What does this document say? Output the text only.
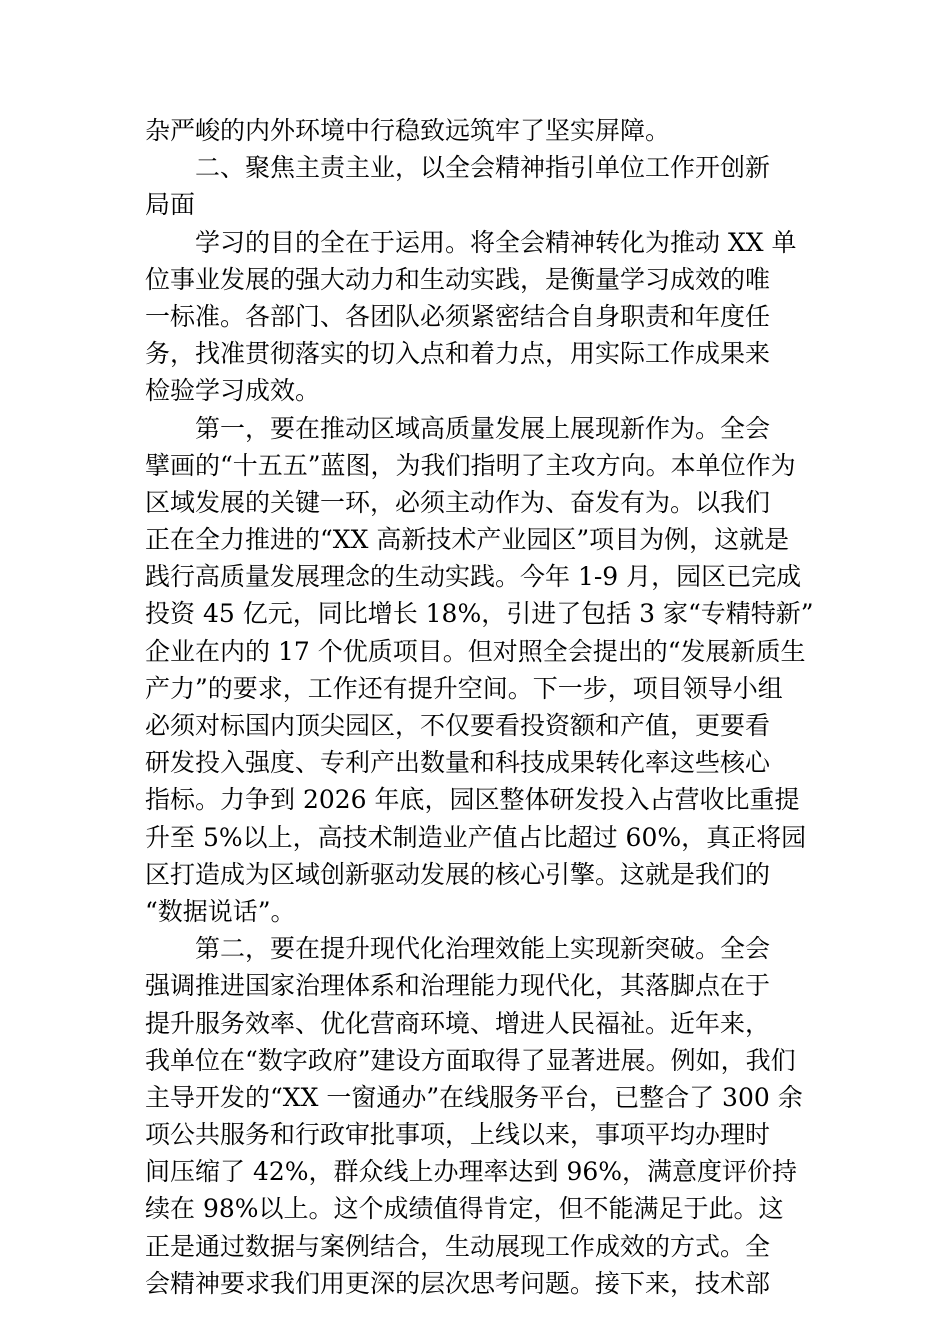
杂严峻的内外环境中行稳致远筑牢了坚实屏障。
二、聚焦主责主业，以全会精神指引单位工作开创新
局面
学习的目的全在于运用。将全会精神转化为推动 XX 单
位事业发展的强大动力和生动实践，是衡量学习成效的唯
一标准。各部门、各团队必须紧密结合自身职责和年度任
务，找准贯彻落实的切入点和着力点，用实际工作成果来
检验学习成效。
第一，要在推动区域高质量发展上展现新作为。全会
擘画的“十五五”蓝图，为我们指明了主攻方向。本单位作为
区域发展的关键一环，必须主动作为、奋发有为。以我们
正在全力推进的“XX 高新技术产业园区”项目为例，这就是
践行高质量发展理念的生动实践。今年 1-9 月，园区已完成
投资 45 亿元，同比增长 18%，引进了包括 3 家“专精特新”
企业在内的 17 个优质项目。但对照全会提出的“发展新质生
产力”的要求，工作还有提升空间。下一步，项目领导小组
必须对标国内顶尖园区，不仅要看投资额和产值，更要看
研发投入强度、专利产出数量和科技成果转化率这些核心
指标。力争到 2026 年底，园区整体研发投入占营收比重提
升至 5%以上，高技术制造业产值占比超过 60%，真正将园
区打造成为区域创新驱动发展的核心引擎。这就是我们的
“数据说话”。
第二，要在提升现代化治理效能上实现新突破。全会
强调推进国家治理体系和治理能力现代化，其落脚点在于
提升服务效率、优化营商环境、增进人民福祉。近年来，
我单位在“数字政府”建设方面取得了显著进展。例如，我们
主导开发的“XX 一窗通办”在线服务平台，已整合了 300 余
项公共服务和行政审批事项，上线以来，事项平均办理时
间压缩了 42%，群众线上办理率达到 96%，满意度评价持
续在 98%以上。这个成绩值得肯定，但不能满足于此。这
正是通过数据与案例结合，生动展现工作成效的方式。全
会精神要求我们用更深的层次思考问题。接下来，技术部
